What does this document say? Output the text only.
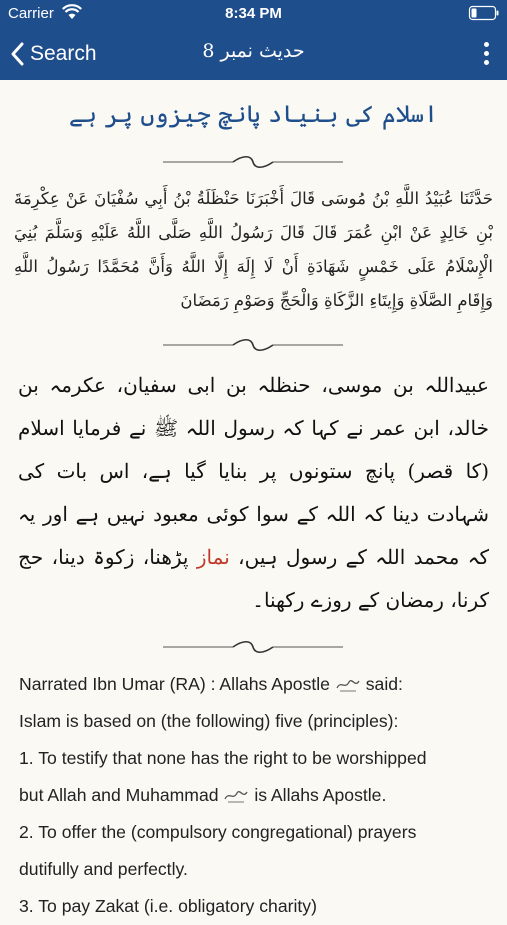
Carrier	8:34 PM
Search	حدیث نمبر 8
اسلام کی بنیاد پانچ چیزوں پر ہے
حَدَّثَنَا عُبَيْدُ اللَّهِ بْنُ مُوسَى قَالَ أَخْبَرَنَا حَنْظَلَةُ بْنُ أَبِي سُفْيَانَ عَنْ عِكْرِمَةَ بْنِ خَالِدٍ عَنْ ابْنِ عُمَرَ قَالَ قَالَ رَسُولُ اللَّهِ صَلَّى اللَّهُ عَلَيْهِ وَسَلَّمَ بُنِيَ الْإِسْلَامُ عَلَى خَمْسٍ شَهَادَةِ أَنْ لَا إِلَهَ إِلَّا اللَّهُ وَأَنَّ مُحَمَّدًا رَسُولُ اللَّهِ وَإِقَامِ الصَّلَاةِ وَإِيتَاءِ الزَّكَاةِ وَالْحَجِّ وَصَوْمِ رَمَضَانَ
عبیداللہ بن موسی، حنظلہ بن ابی سفیان، عکرمہ بن خالد، ابن عمر نے کہا کہ رسول اللہ ﷺ نے فرمایا اسلام (کا قصر) پانچ ستونوں پر بنایا گیا ہے، اس بات کی شہادت دینا کہ اللہ کے سوا کوئی معبود نہیں ہے اور یہ کہ محمد اللہ کے رسول ہیں، نماز پڑھنا، زکوۃ دینا، حج کرنا، رمضان کے روزے رکھنا۔

Narrated Ibn Umar (RA) : Allahs Apostle said:

Islam is based on (the following) five (principles):

1. To testify that none has the right to be worshipped

but Allah and Muhammad is Allahs Apostle.

2. To offer the (compulsory congregational) prayers

dutifully and perfectly.

3. To pay Zakat (i.e. obligatory charity)
